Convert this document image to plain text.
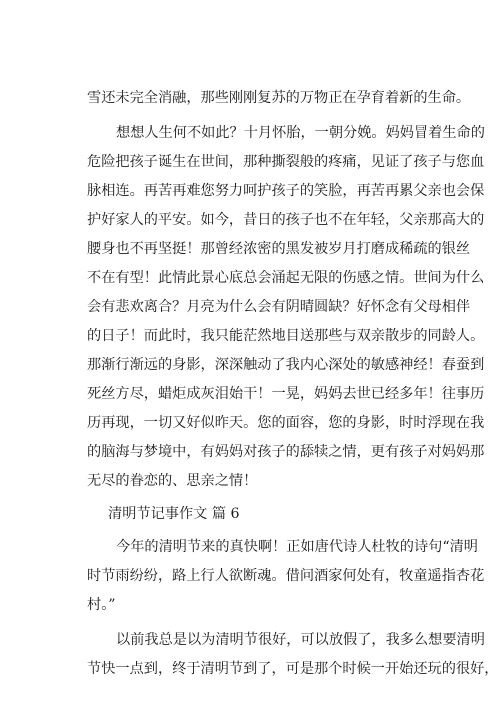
雪还未完全消融，那些刚刚复苏的万物正在孕育着新的生命。
想想人生何不如此？十月怀胎，一朝分娩。妈妈冒着生命的
危险把孩子诞生在世间，那种撕裂般的疼痛，见证了孩子与您血
脉相连。再苦再难您努力呵护孩子的笑脸，再苦再累父亲也会保
护好家人的平安。如今，昔日的孩子也不在年轻，父亲那高大的
腰身也不再坚挺！那曾经浓密的黑发被岁月打磨成稀疏的银丝
不在有型！此情此景心底总会涌起无限的伤感之情。世间为什么
会有悲欢离合？月亮为什么会有阴晴圆缺？好怀念有父母相伴
的日子！而此时，我只能茫然地目送那些与双亲散步的同龄人。
那渐行渐远的身影，深深触动了我内心深处的敏感神经！春蚕到
死丝方尽，蜡炬成灰泪始干！一晃，妈妈去世已经多年！往事历
历再现，一切又好似昨天。您的面容，您的身影，时时浮现在我
的脑海与梦境中，有妈妈对孩子的舔犊之情，更有孩子对妈妈那
无尽的眷恋的、思亲之情！
清明节记事作文 篇 6
今年的清明节来的真快啊！正如唐代诗人杜牧的诗句“清明
时节雨纷纷，路上行人欲断魂。借问酒家何处有，牧童遥指杏花
村。”
以前我总是以为清明节很好，可以放假了，我多么想要清明
节快一点到，终于清明节到了，可是那个时候一开始还玩的很好，
